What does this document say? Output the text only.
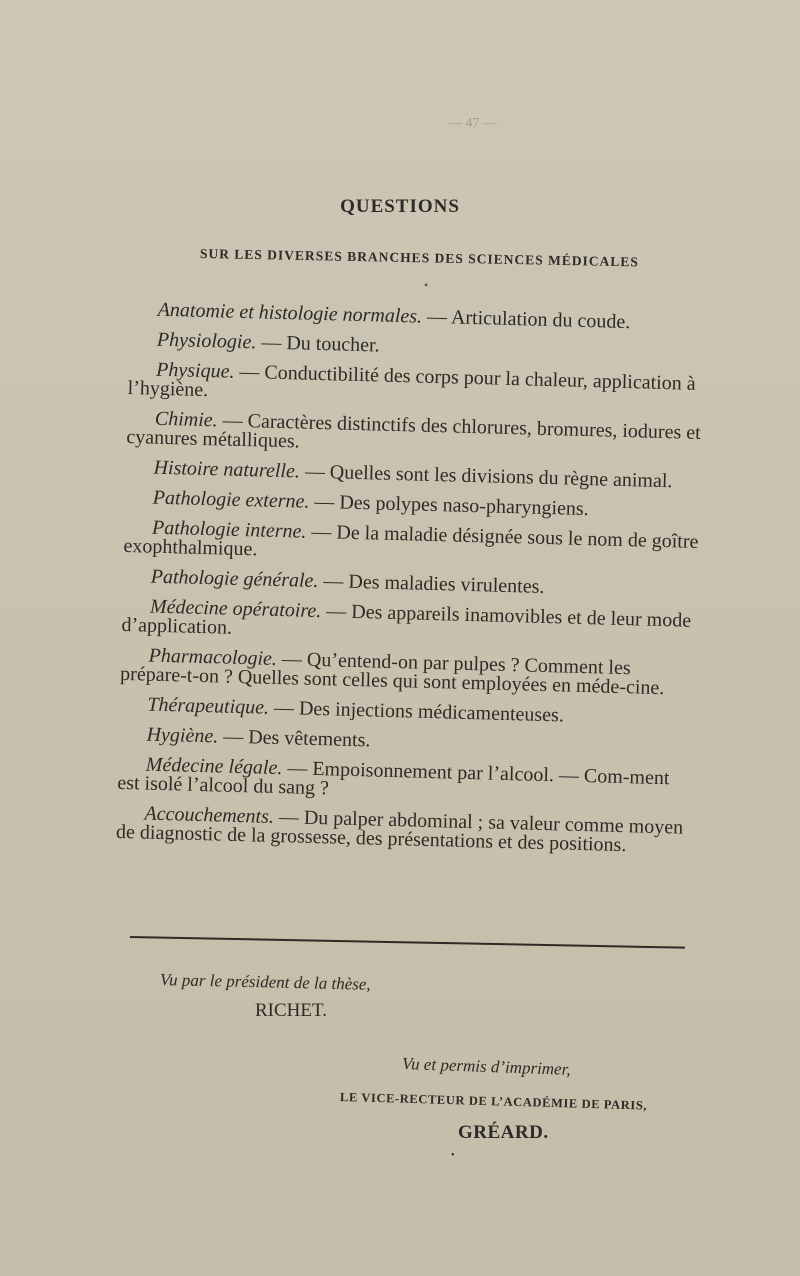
— 47 —
QUESTIONS
SUR LES DIVERSES BRANCHES DES SCIENCES MÉDICALES
•

Anatomie et histologie normales. — Articulation du coude.

Physiologie. — Du toucher.

Physique. — Conductibilité des corps pour la chaleur, application à l’hygiène.

Chimie. — Caractères distinctifs des chlorures, bromures, iodures et cyanures métalliques.

Histoire naturelle. — Quelles sont les divisions du règne animal.

Pathologie externe. — Des polypes naso-pharyngiens.

Pathologie interne. — De la maladie désignée sous le nom de goître exophthalmique.

Pathologie générale. — Des maladies virulentes.

Médecine opératoire. — Des appareils inamovibles et de leur mode d’application.

Pharmacologie. — Qu’entend-on par pulpes ? Comment les prépare-t-on ? Quelles sont celles qui sont employées en méde-cine.

Thérapeutique. — Des injections médicamenteuses.

Hygiène. — Des vêtements.

Médecine légale. — Empoisonnement par l’alcool. — Com-ment est isolé l’alcool du sang ?

Accouchements. — Du palper abdominal ; sa valeur comme moyen de diagnostic de la grossesse, des présentations et des positions.

Vu par le président de la thèse,
RICHET.
Vu et permis d’imprimer,
LE VICE-RECTEUR DE L’ACADÉMIE DE PARIS,
GRÉARD.
•
